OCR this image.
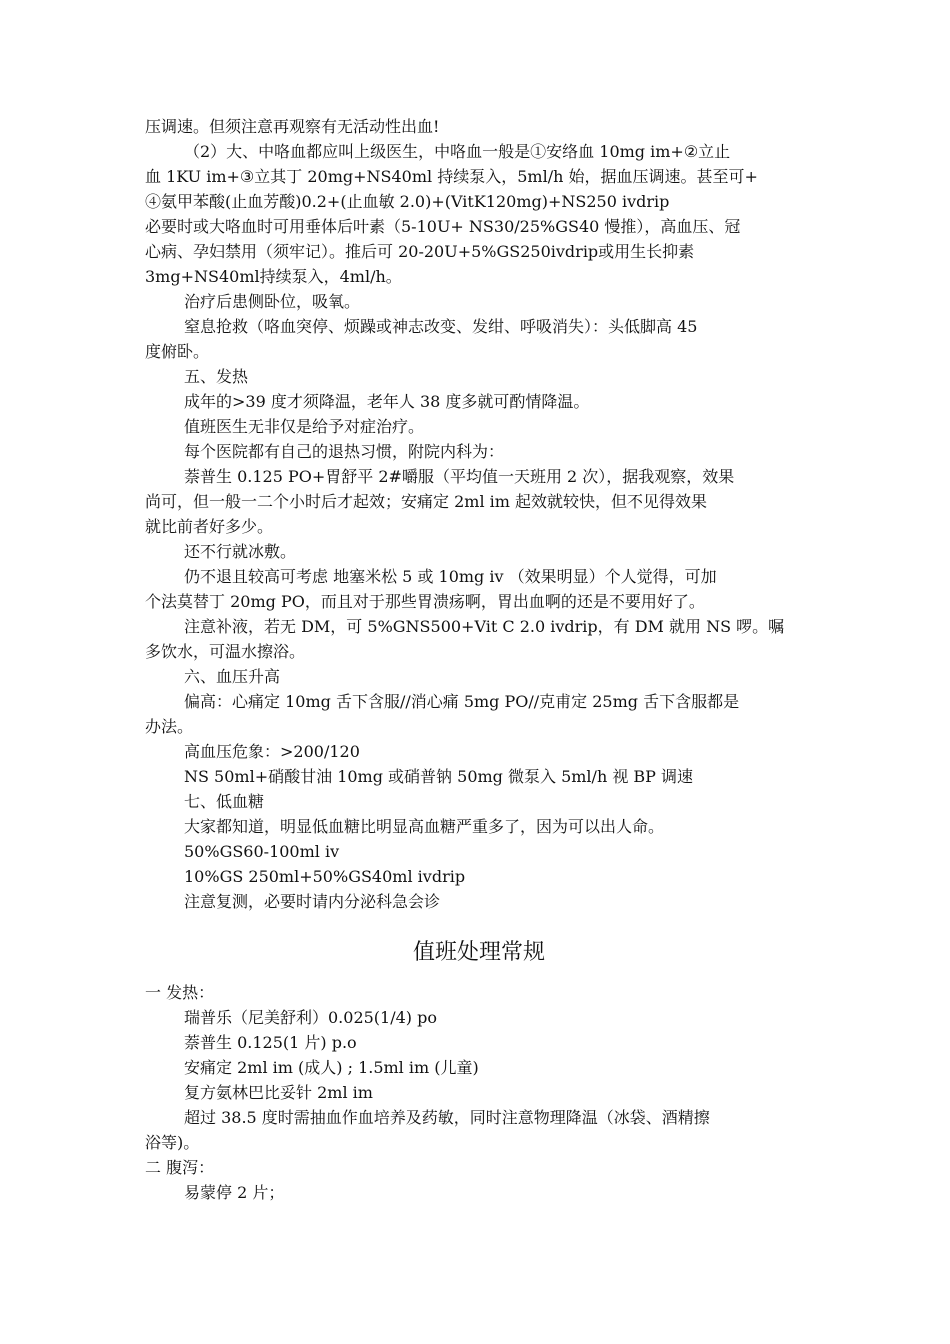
压调速。但须注意再观察有无活动性出血!
（2）大、中咯血都应叫上级医生，中咯血一般是①安络血 10mg im+②立止
血 1KU im+③立其丁 20mg+NS40ml 持续泵入，5ml/h 始，据血压调速。甚至可+
④氨甲苯酸(止血芳酸)0.2+(止血敏 2.0)+(VitK120mg)+NS250 ivdrip
必要时或大咯血时可用垂体后叶素（5-10U+ NS30/25%GS40 慢推），高血压、冠
心病、孕妇禁用（须牢记）。推后可 20-20U+5%GS250ivdrip或用生长抑素
3mg+NS40ml持续泵入，4ml/h。
治疗后患侧卧位，吸氧。
窒息抢救（咯血突停、烦躁或神志改变、发绀、呼吸消失）：头低脚高 45
度俯卧。
五、发热
成年的>39 度才须降温，老年人 38 度多就可酌情降温。
值班医生无非仅是给予对症治疗。
每个医院都有自己的退热习惯，附院内科为：
萘普生 0.125 PO+胃舒平 2#嚼服（平均值一天班用 2 次），据我观察，效果
尚可，但一般一二个小时后才起效；安痛定 2ml im 起效就较快，但不见得效果
就比前者好多少。
还不行就冰敷。
仍不退且较高可考虑 地塞米松 5 或 10mg iv （效果明显）个人觉得，可加
个法莫替丁 20mg PO，而且对于那些胃溃疡啊，胃出血啊的还是不要用好了。
注意补液，若无 DM，可 5%GNS500+Vit C 2.0 ivdrip，有 DM 就用 NS 啰。嘱
多饮水，可温水擦浴。
六、血压升高
偏高：心痛定 10mg 舌下含服//消心痛 5mg PO//克甫定 25mg 舌下含服都是
办法。
高血压危象：>200/120
NS 50ml+硝酸甘油 10mg 或硝普钠 50mg 微泵入 5ml/h 视 BP 调速
七、低血糖
大家都知道，明显低血糖比明显高血糖严重多了，因为可以出人命。
50%GS60-100ml iv
10%GS 250ml+50%GS40ml ivdrip
注意复测，必要时请内分泌科急会诊
值班处理常规
一 发热：
瑞普乐（尼美舒利）0.025(1/4) po
萘普生 0.125(1 片) p.o
安痛定 2ml im (成人) ; 1.5ml im (儿童)
复方氨林巴比妥针 2ml im
超过 38.5 度时需抽血作血培养及药敏，同时注意物理降温（冰袋、酒精擦
浴等)。
二 腹泻：
易蒙停 2 片；
